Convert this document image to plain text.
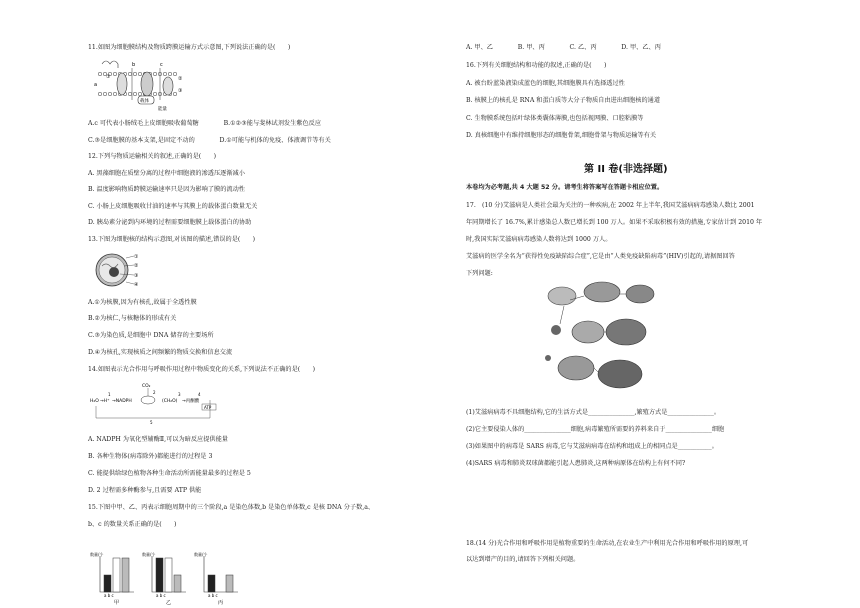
11.如图为细胞膜结构及物质跨膜运输方式示意图,下列说法正确的是(　　)
载体
①	②
③
a
b	c
能量
A.c 可代表小肠绒毛上皮细胞吸收葡萄糖　　　　B.①②③能与斐林试剂发生紫色反应
C.③是细胞膜的基本支架,是固定不动的　　　　D.①可能与机体的免疫、体液调节等有关
12.下列与物质运输相关的叙述,正确的是(　　)
A. 黑藻细胞在质壁分离的过程中细胞液的渗透压逐渐减小
B. 温度影响物质跨膜运输速率只是因为影响了膜的流动性
C. 小肠上皮细胞吸收甘油的速率与其膜上的载体蛋白数量无关
D. 胰岛素分泌到内环境的过程需要细胞膜上载体蛋白的协助
13.下图为细胞核的结构示意图,对该图的描述,错误的是(　　)
①
②
③
④
A.①为核膜,因为有核孔,故属于全透性膜
B.②为核仁,与核糖体的形成有关
C.③为染色质,是细胞中 DNA 储存的主要场所
D.④为核孔,实现核质之间频繁的物质交换和信息交流
14.如图表示光合作用与呼吸作用过程中物质变化的关系,下列说法不正确的是(　　)
H₂O →H⁺ →NADPH
CO₂
(CH₂O) →丙酮酸
ATP
1	2	3	4
5
A. NADPH 为氧化型辅酶Ⅱ,可以为暗反应提供能量
B. 各种生物体(病毒除外)都能进行的过程是 3
C. 能提供给绿色植物各种生命活动所需能量最多的过程是 5
D. 2 过程需多种酶参与,且需要 ATP 供能
15.下图中甲、乙、丙表示细胞周期中的三个阶段,a 是染色体数,b 是染色单体数,c 是核 DNA 分子数,a、
b、c 的数量关系正确的是(　　)
数量/个
a b c
甲
数量/个
a b c
乙
数量/个
a b c
丙
A. 甲、乙　　　　B. 甲、丙　　　　C. 乙、丙　　　　D. 甲、乙、丙
16.下列有关细胞结构和功能的叙述,正确的是(　　)
A. 被台盼蓝染液染成蓝色的细胞,其细胞膜具有选择透过性
B. 核膜上的核孔是 RNA 和蛋白质等大分子物质自由进出细胞核的通道
C. 生物膜系统包括叶绿体类囊体薄膜,也包括视网膜、口腔粘膜等
D. 真核细胞中有维持细胞形态的细胞骨架,细胞骨架与物质运输等有关
第 II 卷(非选择题)
本卷均为必考题,共 4 大题 52 分。请考生将答案写在答题卡相应位置。
17.　(10 分)艾滋病是人类社会最为关注的一种疾病,在 2002 年上半年,我国艾滋病病毒感染人数比 2001
年同期增长了 16.7%,累计感染总人数已增长到 100 万人。如果不采取积极有效的措施,专家估计到 2010 年
时,我国实际艾滋病病毒感染人数将达到 1000 万人。
艾滋病的医学全名为“获得性免疫缺陷综合症”,它是由“人类免疫缺陷病毒”(HIV)引起的,请据图回答
下列问题:
(1)艾滋病病毒不具细胞结构,它的生活方式是_______________,繁殖方式是_______________。
(2)它主要侵染人体的_______________细胞,病毒繁殖所需要的养料来自于_______________细胞
(3)如果图中的病毒是 SARS 病毒,它与艾滋病病毒在结构和组成上的相同点是___________。
(4)SARS 病毒和肺炎双球菌都能引起人患肺炎,这两种病原体在结构上有何不同?
18.(14 分)光合作用和呼吸作用是植物重要的生命活动,在农业生产中利用光合作用和呼吸作用的原理,可
以达到增产的目的,请回答下列相关问题。
